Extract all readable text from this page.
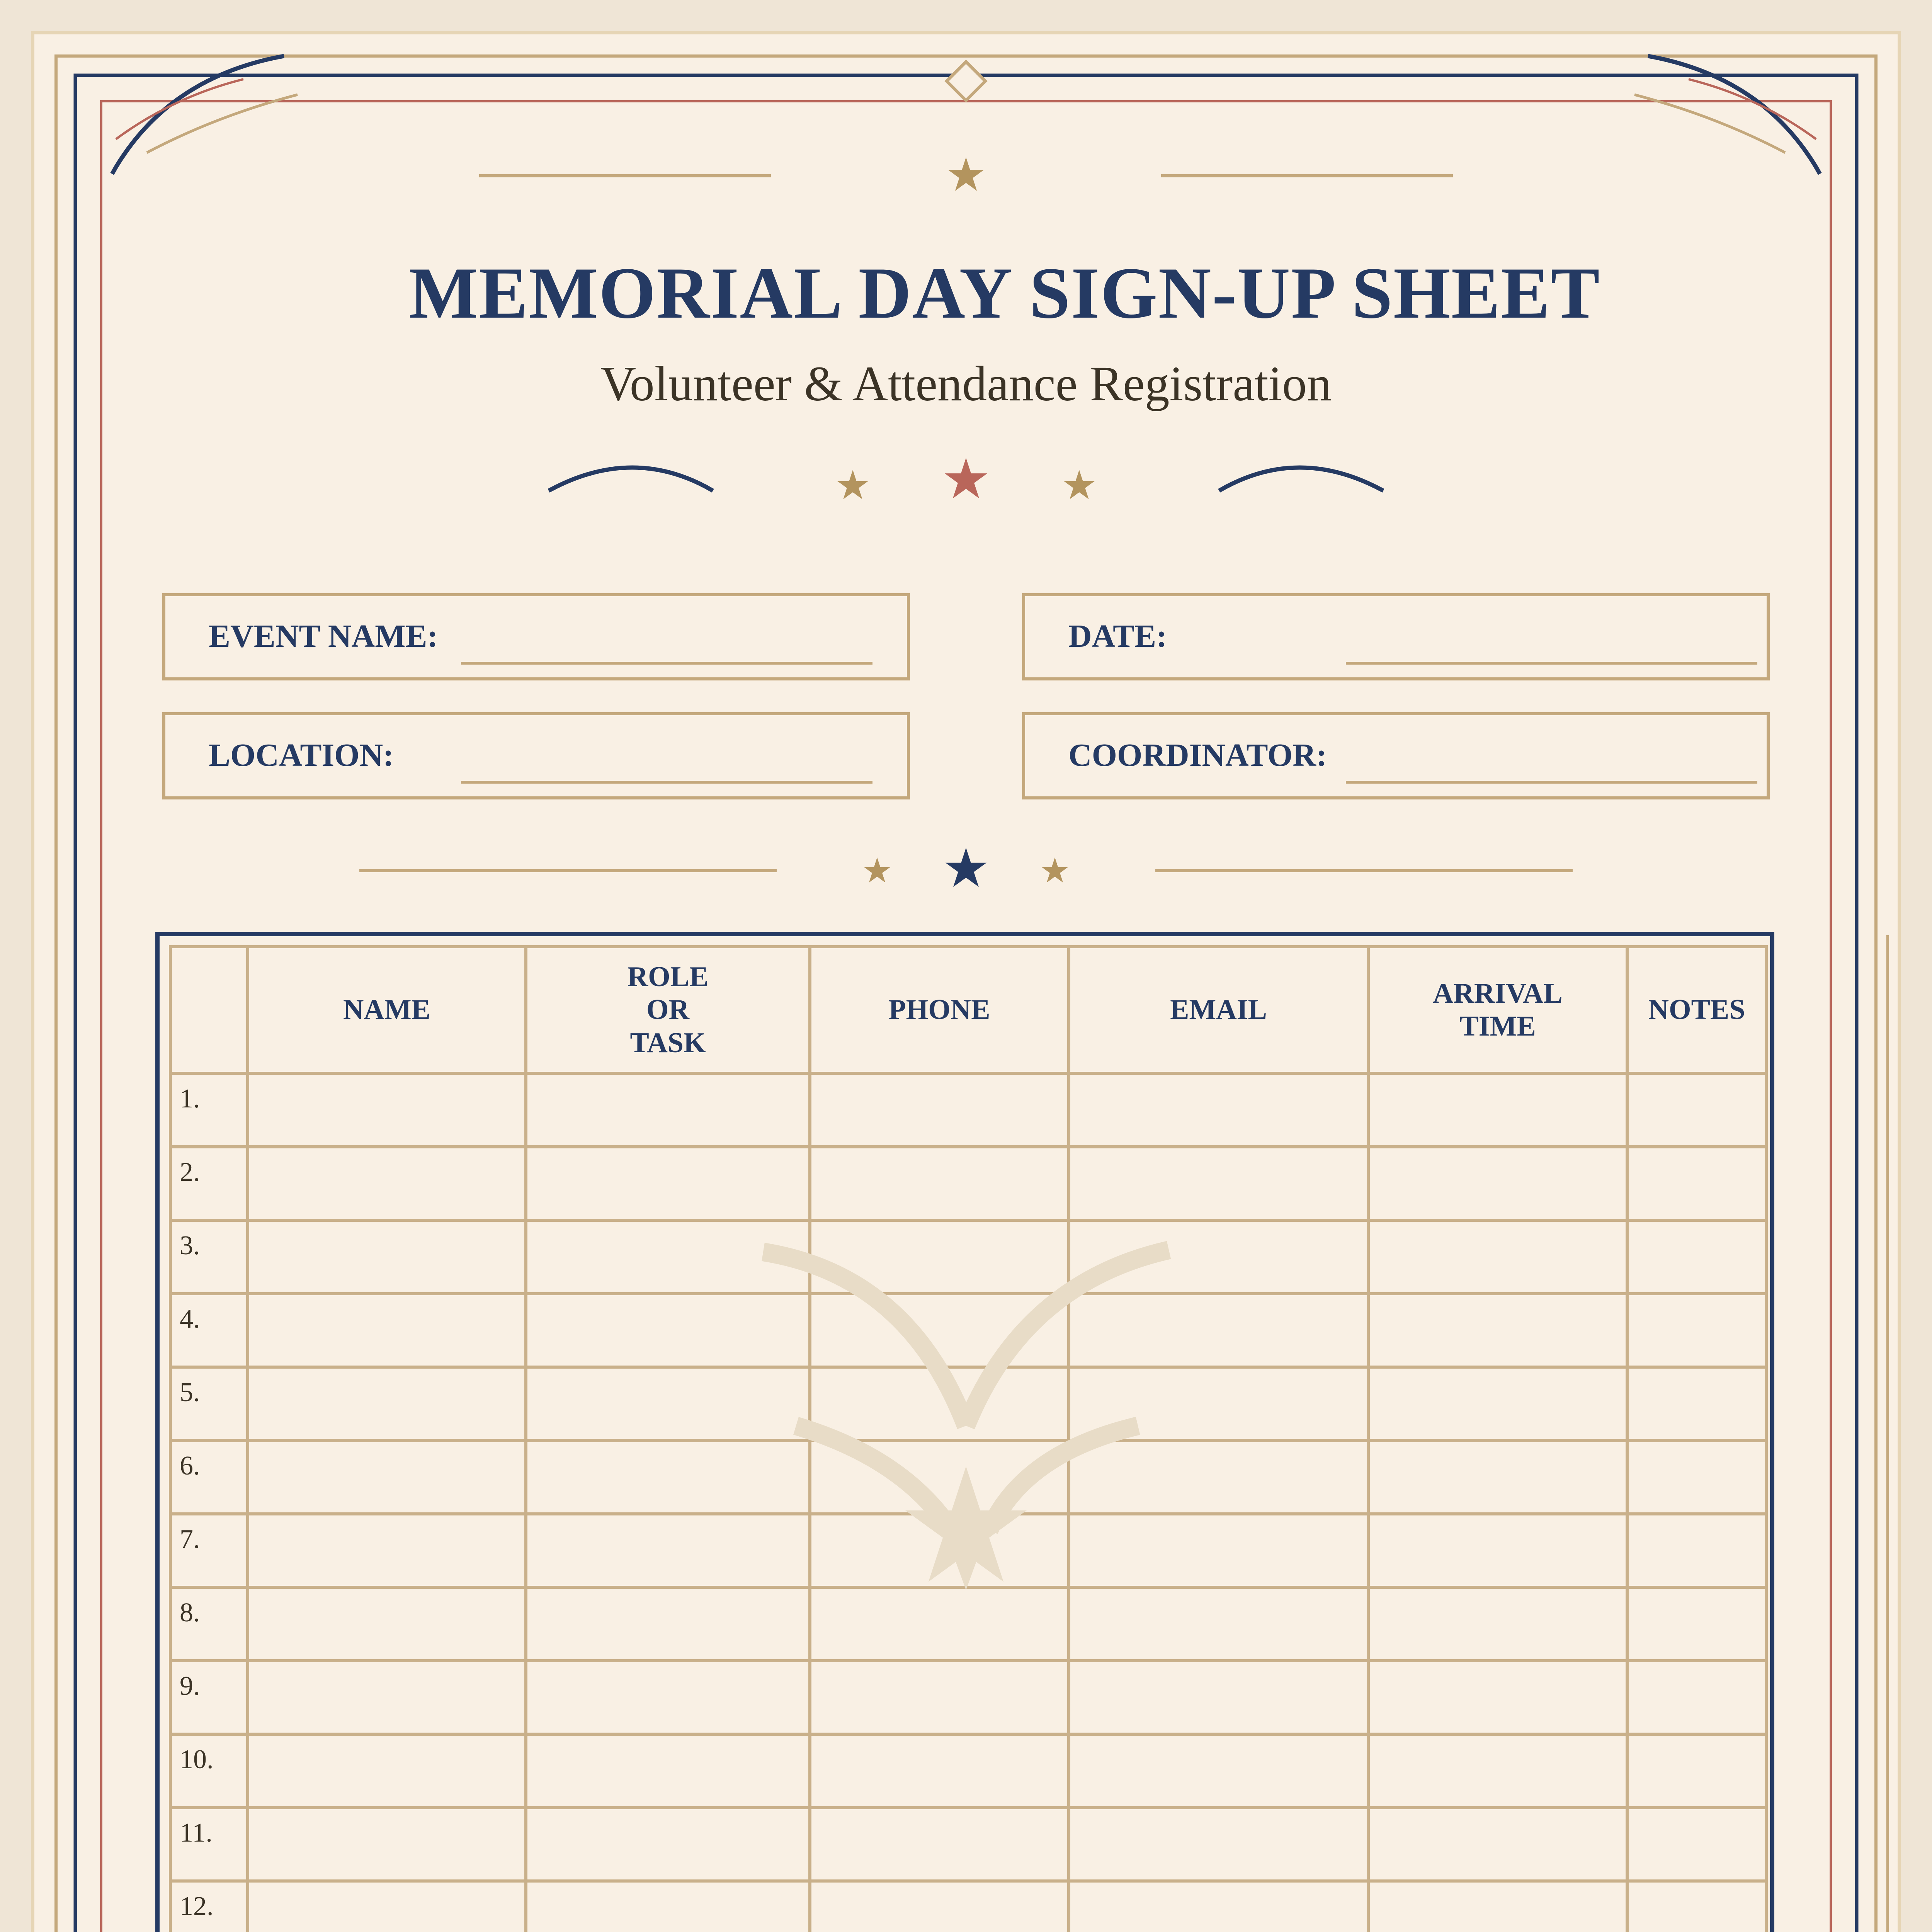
MEMORIAL DAY SIGN-UP SHEET
Volunteer & Attendance Registration
EVENT NAME:	DATE:
LOCATION:	COORDINATOR:
	NAME	ROLE OR TASK	PHONE	EMAIL	ARRIVAL TIME	NOTES
1.						
2.						
3.						
4.						
5.						
6.						
7.						
8.						
9.						
10.						
11.						
12.						
